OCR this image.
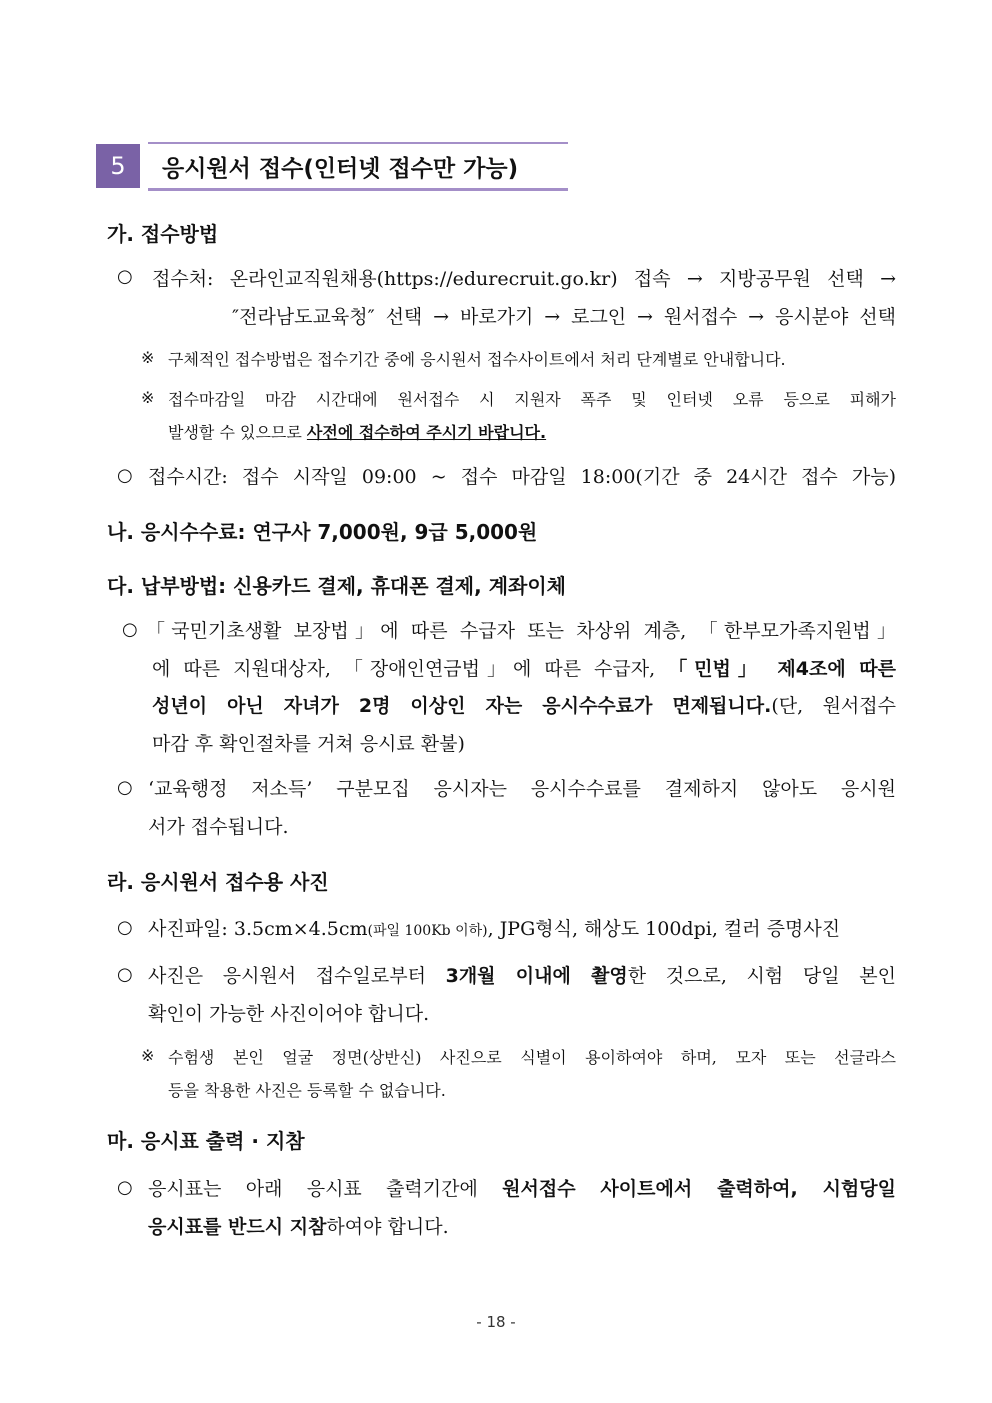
5	응시원서 접수(인터넷 접수만 가능)
가. 접수방법
○ 접수처: 온라인교직원채용(https://edurecruit.go.kr) 접속 → 지방공무원 선택 →
″전라남도교육청″ 선택 → 바로가기 → 로그인 → 원서접수 → 응시분야 선택
※ 구체적인 접수방법은 접수기간 중에 응시원서 접수사이트에서 처리 단계별로 안내합니다.
※ 접수마감일 마감 시간대에 원서접수 시 지원자 폭주 및 인터넷 오류 등으로 피해가
발생할 수 있으므로 사전에 접수하여 주시기 바랍니다.
○ 접수시간: 접수 시작일 09:00 ~ 접수 마감일 18:00(기간 중 24시간 접수 가능)
나. 응시수수료: 연구사 7,000원, 9급 5,000원
다. 납부방법: 신용카드 결제, 휴대폰 결제, 계좌이체
○ 「국민기초생활 보장법」에 따른 수급자 또는 차상위 계층, 「한부모가족지원법」
에 따른 지원대상자, 「장애인연금법」에 따른 수급자, 「민법」 제4조에 따른
성년이 아닌 자녀가 2명 이상인 자는 응시수수료가 면제됩니다.(단, 원서접수
마감 후 확인절차를 거쳐 응시료 환불)
○ ‘교육행정 저소득’ 구분모집 응시자는 응시수수료를 결제하지 않아도 응시원
서가 접수됩니다.
라. 응시원서 접수용 사진
○ 사진파일: 3.5cm×4.5cm(파일 100Kb 이하), JPG형식, 해상도 100dpi, 컬러 증명사진
○ 사진은 응시원서 접수일로부터 3개월 이내에 촬영한 것으로, 시험 당일 본인
확인이 가능한 사진이어야 합니다.
※ 수험생 본인 얼굴 정면(상반신) 사진으로 식별이 용이하여야 하며, 모자 또는 선글라스
등을 착용한 사진은 등록할 수 없습니다.
마. 응시표 출력 · 지참
○ 응시표는 아래 응시표 출력기간에 원서접수 사이트에서 출력하여, 시험당일
응시표를 반드시 지참하여야 합니다.
- 18 -
